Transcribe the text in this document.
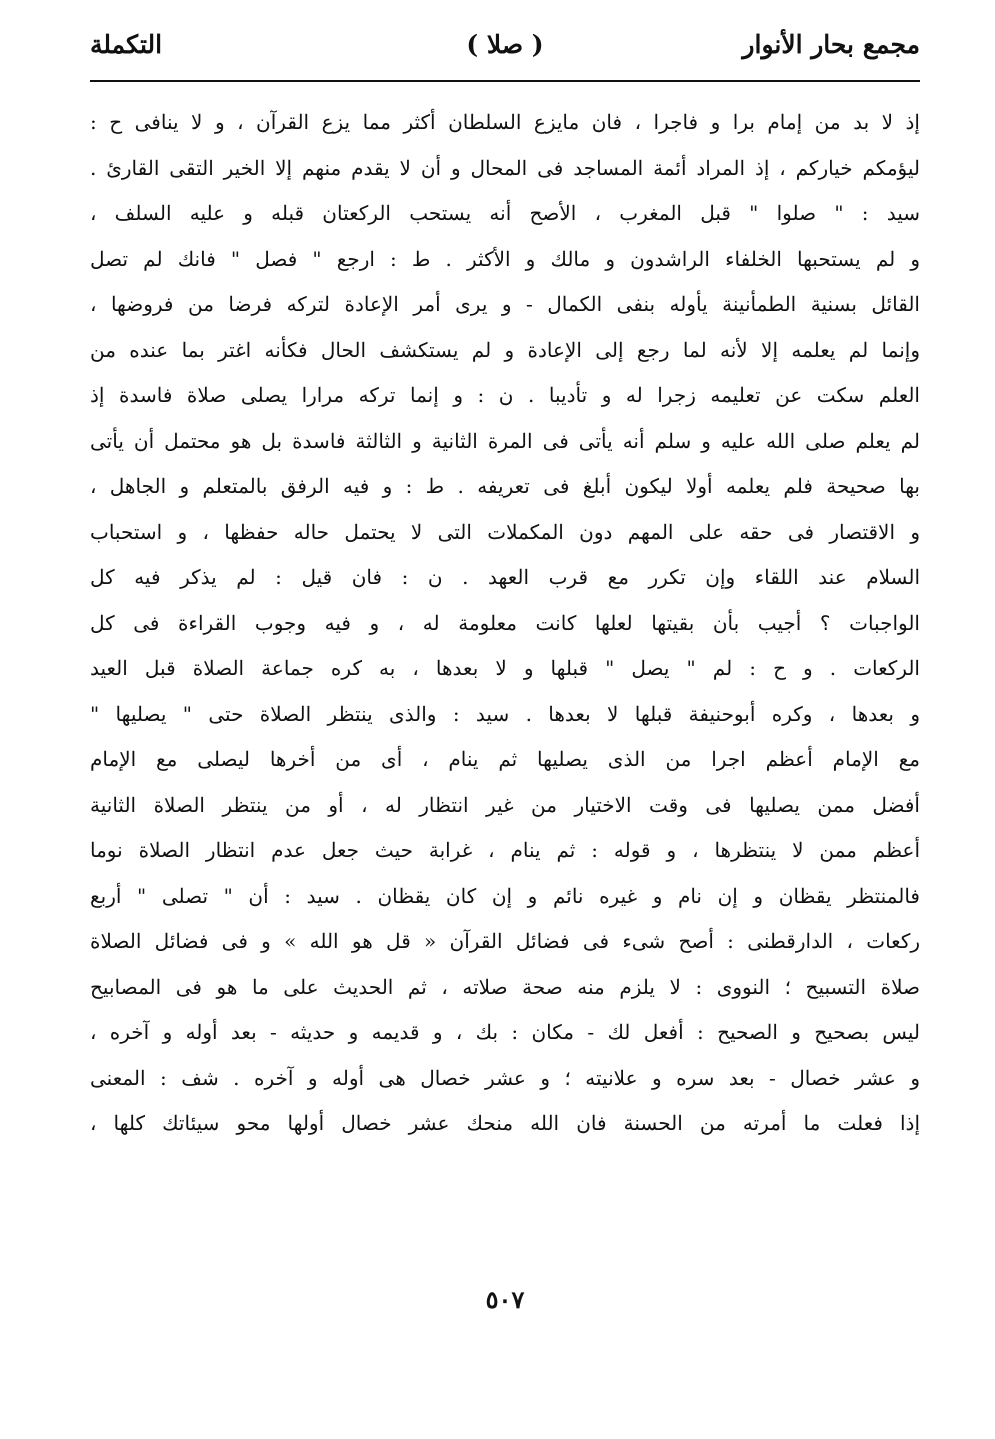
مجمع بحار الأنوار
( صلا )
التكملة
إذ لا بد من إمام برا و فاجرا ، فان مايزع السلطان أكثر مما يزع القرآن ، و لا ينافى ح :
ليؤمكم خياركم ، إذ المراد أئمة المساجد فى المحال و أن لا يقدم منهم إلا الخير التقى القارئ .
سيد : " صلوا " قبل المغرب ، الأصح أنه يستحب الركعتان قبله و عليه السلف ،
و لم يستحبها الخلفاء الراشدون و مالك و الأكثر . ط : ارجع " فصل " فانك لم تصل
القائل بسنية الطمأنينة يأوله بنفى الكمال - و يرى أمر الإعادة لتركه فرضا من فروضها ،
وإنما لم يعلمه إلا لأنه لما رجع إلى الإعادة و لم يستكشف الحال فكأنه اغتر بما عنده من
العلم سكت عن تعليمه زجرا له و تأديبا . ن : و إنما تركه مرارا يصلى صلاة فاسدة إذ
لم يعلم صلى الله عليه و سلم أنه يأتى فى المرة الثانية و الثالثة فاسدة بل هو محتمل أن يأتى
بها صحيحة فلم يعلمه أولا ليكون أبلغ فى تعريفه . ط : و فيه الرفق بالمتعلم و الجاهل ،
و الاقتصار فى حقه على المهم دون المكملات التى لا يحتمل حاله حفظها ، و استحباب
السلام عند اللقاء وإن تكرر مع قرب العهد . ن : فان قيل : لم يذكر فيه كل
الواجبات ؟ أجيب بأن بقيتها لعلها كانت معلومة له ، و فيه وجوب القراءة فى كل
الركعات . و ح : لم " يصل " قبلها و لا بعدها ، به كره جماعة الصلاة قبل العيد
و بعدها ، وكره أبوحنيفة قبلها لا بعدها . سيد : والذى ينتظر الصلاة حتى " يصليها "
مع الإمام أعظم اجرا من الذى يصليها ثم ينام ، أى من أخرها ليصلى مع الإمام
أفضل ممن يصليها فى وقت الاختيار من غير انتظار له ، أو من ينتظر الصلاة الثانية
أعظم ممن لا ينتظرها ، و قوله : ثم ينام ، غرابة حيث جعل عدم انتظار الصلاة نوما
فالمنتظر يقظان و إن نام و غيره نائم و إن كان يقظان . سيد : أن " تصلى " أربع
ركعات ، الدارقطنى : أصح شىء فى فضائل القرآن « قل هو الله » و فى فضائل الصلاة
صلاة التسبيح ؛ النووى : لا يلزم منه صحة صلاته ، ثم الحديث على ما هو فى المصابيح
ليس بصحيح و الصحيح : أفعل لك - مكان : بك ، و قديمه و حديثه - بعد أوله و آخره ،
و عشر خصال - بعد سره و علانيته ؛ و عشر خصال هى أوله و آخره . شف : المعنى
إذا فعلت ما أمرته من الحسنة فان الله منحك عشر خصال أولها محو سيئاتك كلها ،
٥٠٧
